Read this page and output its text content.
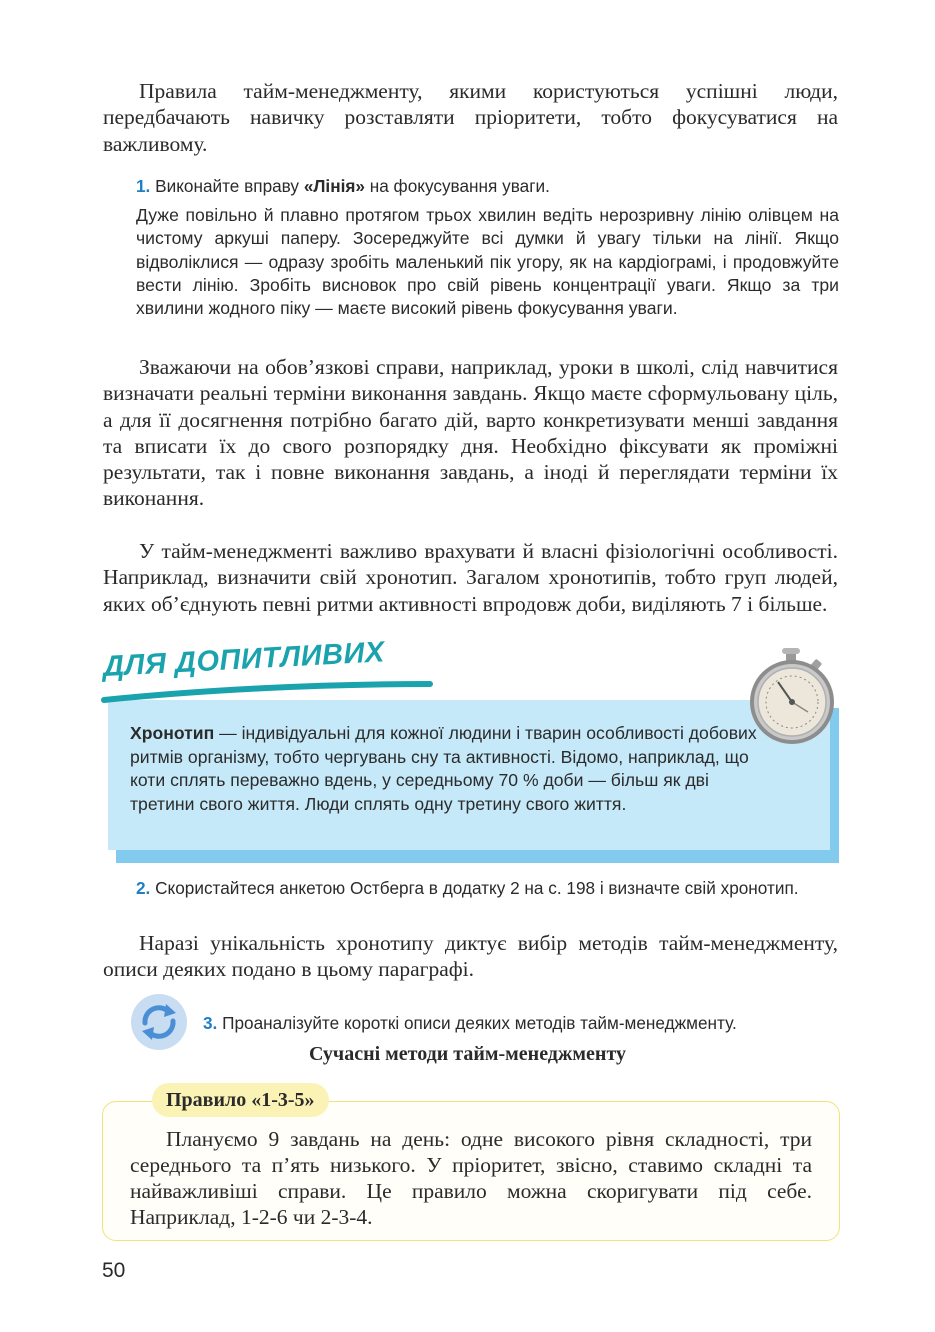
Правила тайм-менеджменту, якими користуються успішні люди, передбачають навичку розставляти пріоритети, тобто фокусуватися на важливому.

1. Виконайте вправу «Лінія» на фокусування уваги.

Дуже повільно й плавно протягом трьох хвилин ведіть нерозривну лінію олівцем на чистому аркуші паперу. Зосереджуйте всі думки й увагу тільки на лінії. Якщо відволіклися — одразу зробіть маленький пік угору, як на кардіограмі, і продовжуйте вести лінію. Зробіть висновок про свій рівень концентрації уваги. Якщо за три хвилини жодного піку — маєте високий рівень фокусування уваги.

Зважаючи на обов’язкові справи, наприклад, уроки в школі, слід навчитися визначати реальні терміни виконання завдань. Якщо маєте сформульовану ціль, а для її досягнення потрібно багато дій, варто конкретизувати менші завдання та вписати їх до свого розпорядку дня. Необхідно фіксувати як проміжні результати, так і повне виконання завдань, а іноді й переглядати терміни їх виконання.

У тайм-менеджменті важливо врахувати й власні фізіологічні особливості. Наприклад, визначити свій хронотип. Загалом хронотипів, тобто груп людей, яких об’єднують певні ритми активності впродовж доби, виділяють 7 і більше.

ДЛЯ ДОПИТЛИВИХ

Хронотип — індивідуальні для кожної людини і тварин особливості добових ритмів організму, тобто чергувань сну та активності. Відомо, наприклад, що коти сплять переважно вдень, у середньому 70 % доби — більш як дві третини свого життя. Люди сплять одну третину свого життя.

2. Скористайтеся анкетою Остберга в додатку 2 на с. 198 і визначте свій хронотип.

Наразі унікальність хронотипу диктує вибір методів тайм-менеджменту, описи деяких подано в цьому параграфі.

3. Проаналізуйте короткі описи деяких методів тайм-менеджменту.

Сучасні методи тайм-менеджменту
Правило «1-3-5»

Плануємо 9 завдань на день: одне високого рівня складності, три середнього та п’ять низького. У пріоритет, звісно, ставимо складні та найважливіші справи. Це правило можна скоригувати під себе. Наприклад, 1-2-6 чи 2-3-4.

50
